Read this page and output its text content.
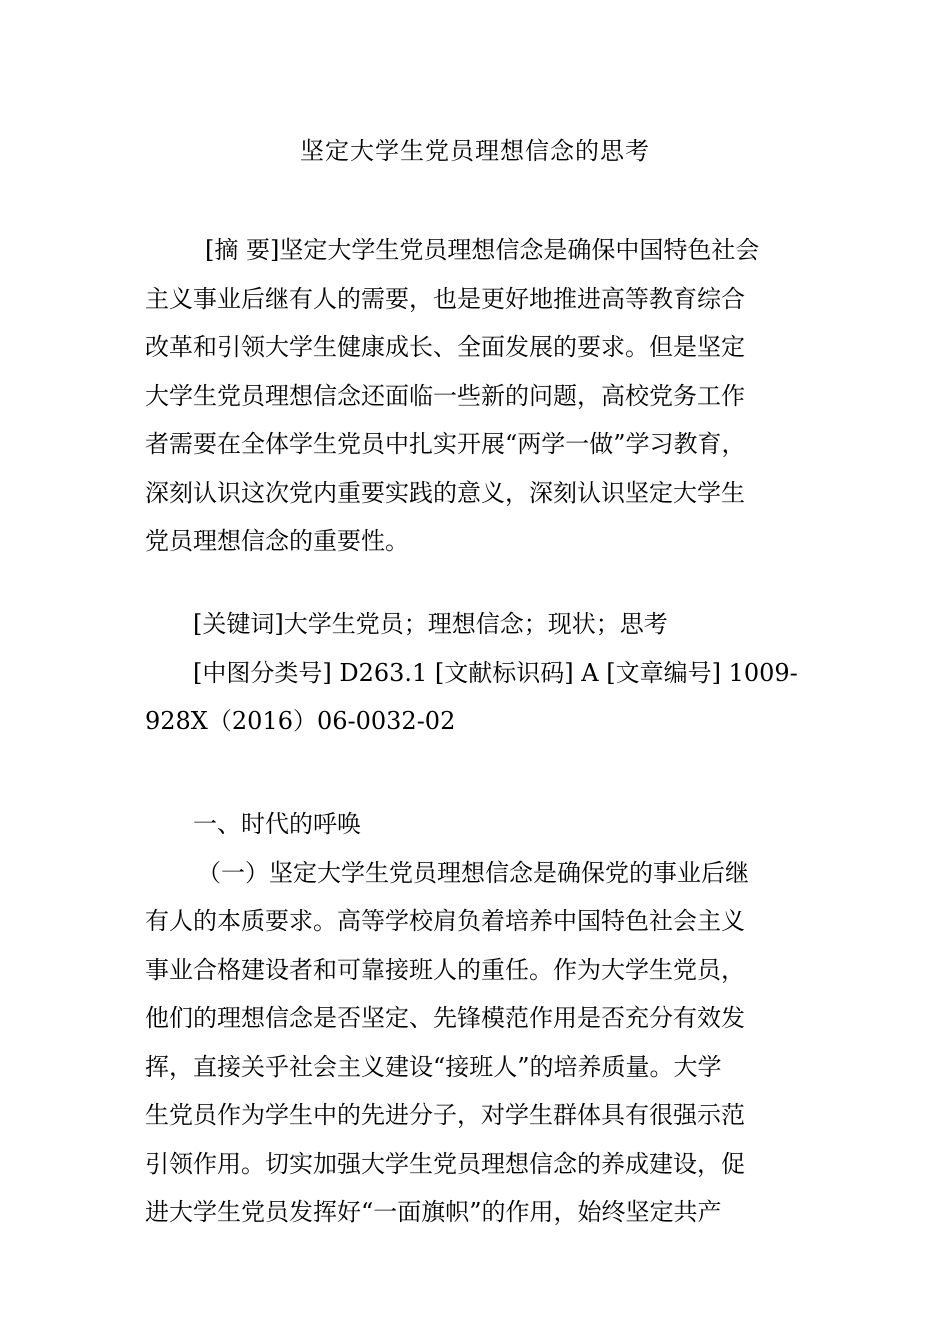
坚定大学生党员理想信念的思考
[摘 要]坚定大学生党员理想信念是确保中国特色社会
主义事业后继有人的需要，也是更好地推进高等教育综合
改革和引领大学生健康成长、全面发展的要求。但是坚定
大学生党员理想信念还面临一些新的问题，高校党务工作
者需要在全体学生党员中扎实开展“两学一做”学习教育，
深刻认识这次党内重要实践的意义，深刻认识坚定大学生
党员理想信念的重要性。
[关键词]大学生党员；理想信念；现状；思考
[中图分类号] D263.1 [文献标识码] A [文章编号] 1009-
928X（2016）06-0032-02
一、时代的呼唤
（一）坚定大学生党员理想信念是确保党的事业后继
有人的本质要求。高等学校肩负着培养中国特色社会主义
事业合格建设者和可靠接班人的重任。作为大学生党员，
他们的理想信念是否坚定、先锋模范作用是否充分有效发
挥，直接关乎社会主义建设“接班人”的培养质量。大学
生党员作为学生中的先进分子，对学生群体具有很强示范
引领作用。切实加强大学生党员理想信念的养成建设，促
进大学生党员发挥好“一面旗帜”的作用，始终坚定共产
